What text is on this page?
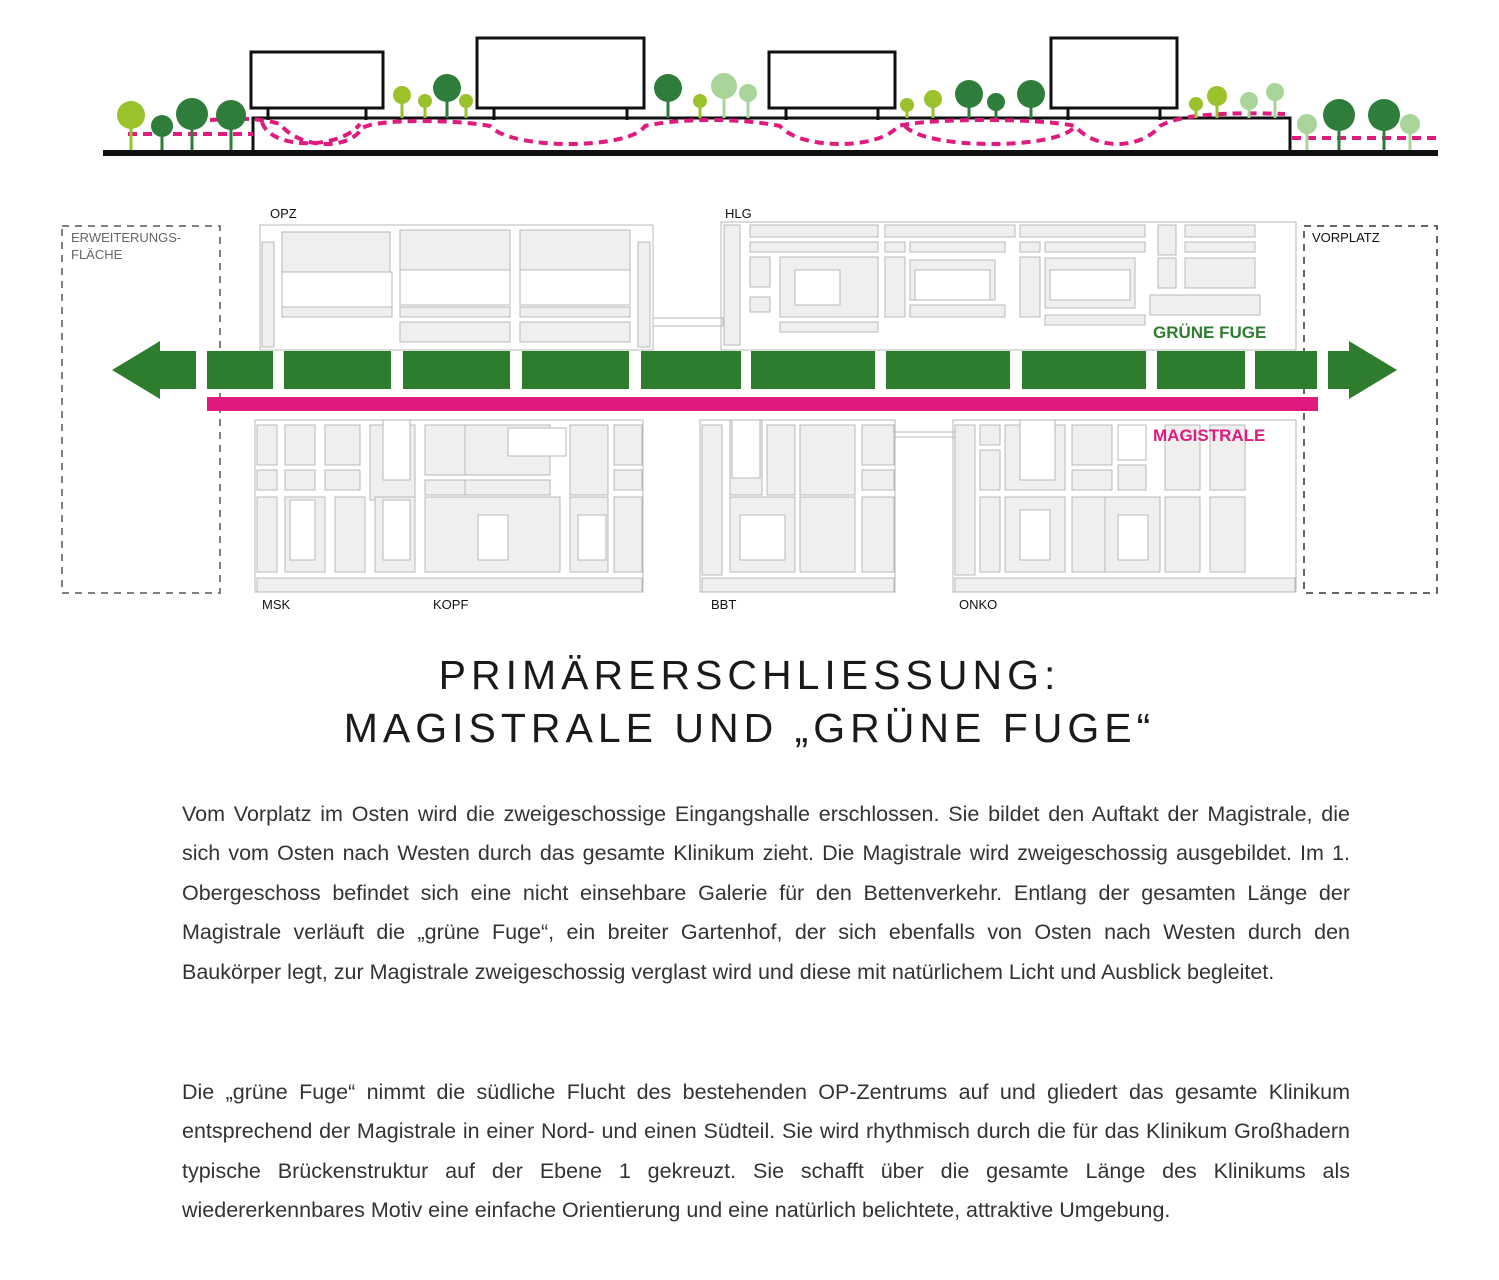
OPZ	HLG
ERWEITERUNGS-
FLÄCHE
VORPLATZ
GRÜNE FUGE
MAGISTRALE
MSK	KOPF	BBT	ONKO
PRIMÄRERSCHLIESSUNG:
MAGISTRALE UND „GRÜNE FUGE“

Vom Vorplatz im Osten wird die zweigeschossige Eingangshalle erschlossen. Sie bildet den Auftakt der Magistrale, die sich vom Osten nach Westen durch das gesamte Klinikum zieht. Die Magistrale wird zweigeschossig ausgebildet. Im 1. Obergeschoss befindet sich eine nicht einsehbare Galerie für den Bettenverkehr. Entlang der gesamten Länge der Magistrale verläuft die „grüne Fuge“, ein breiter Gartenhof, der sich ebenfalls von Osten nach Westen durch den Baukörper legt, zur Magistrale zweigeschossig verglast wird und diese mit natürlichem Licht und Ausblick begleitet.

Die „grüne Fuge“ nimmt die südliche Flucht des bestehenden OP-Zentrums auf und gliedert das gesamte Klinikum entsprechend der Magistrale in einer Nord- und einen Südteil. Sie wird rhythmisch durch die für das Klinikum Großhadern typische Brückenstruktur auf der Ebene 1 gekreuzt. Sie schafft über die gesamte Länge des Klinikums als wiedererkennbares Motiv eine einfache Orientierung und eine natürlich belichtete, attraktive Umgebung.
